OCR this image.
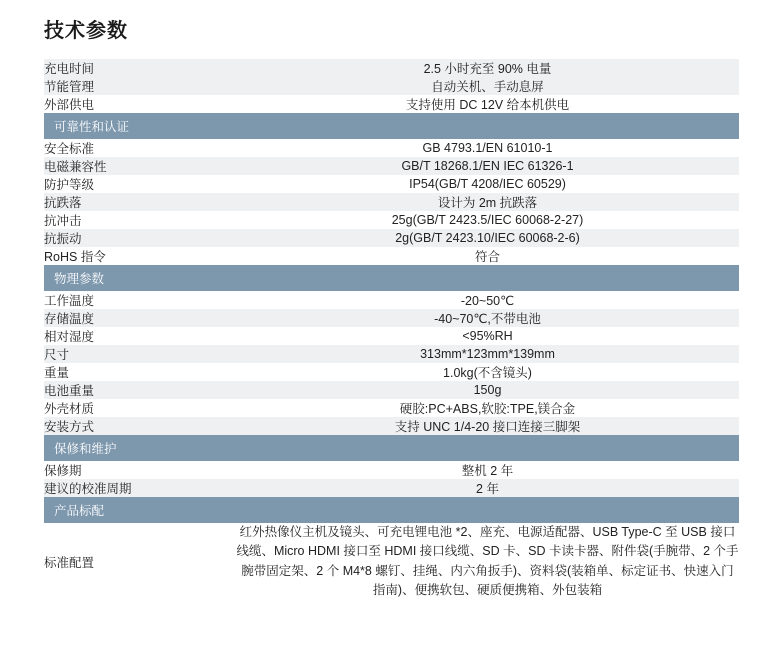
技术参数
充电时间	2.5 小时充至 90% 电量
节能管理	自动关机、手动息屏
外部供电	支持使用 DC 12V 给本机供电
可靠性和认证	
安全标准	GB 4793.1/EN 61010-1
电磁兼容性	GB/T 18268.1/EN IEC 61326-1
防护等级	IP54(GB/T 4208/IEC 60529)
抗跌落	设计为 2m 抗跌落
抗冲击	25g(GB/T 2423.5/IEC 60068-2-27)
抗振动	2g(GB/T 2423.10/IEC 60068-2-6)
RoHS 指令	符合
物理参数	
工作温度	-20~50℃
存储温度	-40~70℃,不带电池
相对湿度	<95%RH
尺寸	313mm*123mm*139mm
重量	1.0kg(不含镜头)
电池重量	150g
外壳材质	硬胶:PC+ABS,软胶:TPE,镁合金
安装方式	支持 UNC 1/4-20 接口连接三脚架
保修和维护	
保修期	整机 2 年
建议的校准周期	2 年
产品标配	
标准配置	红外热像仪主机及镜头、可充电锂电池 *2、座充、电源适配器、USB Type-C 至 USB 接口线缆、Micro HDMI 接口至 HDMI 接口线缆、SD 卡、SD 卡读卡器、附件袋(手腕带、2 个手腕带固定架、2 个 M4*8 螺钉、挂绳、内六角扳手)、资料袋(装箱单、标定证书、快速入门指南)、便携软包、硬质便携箱、外包装箱
